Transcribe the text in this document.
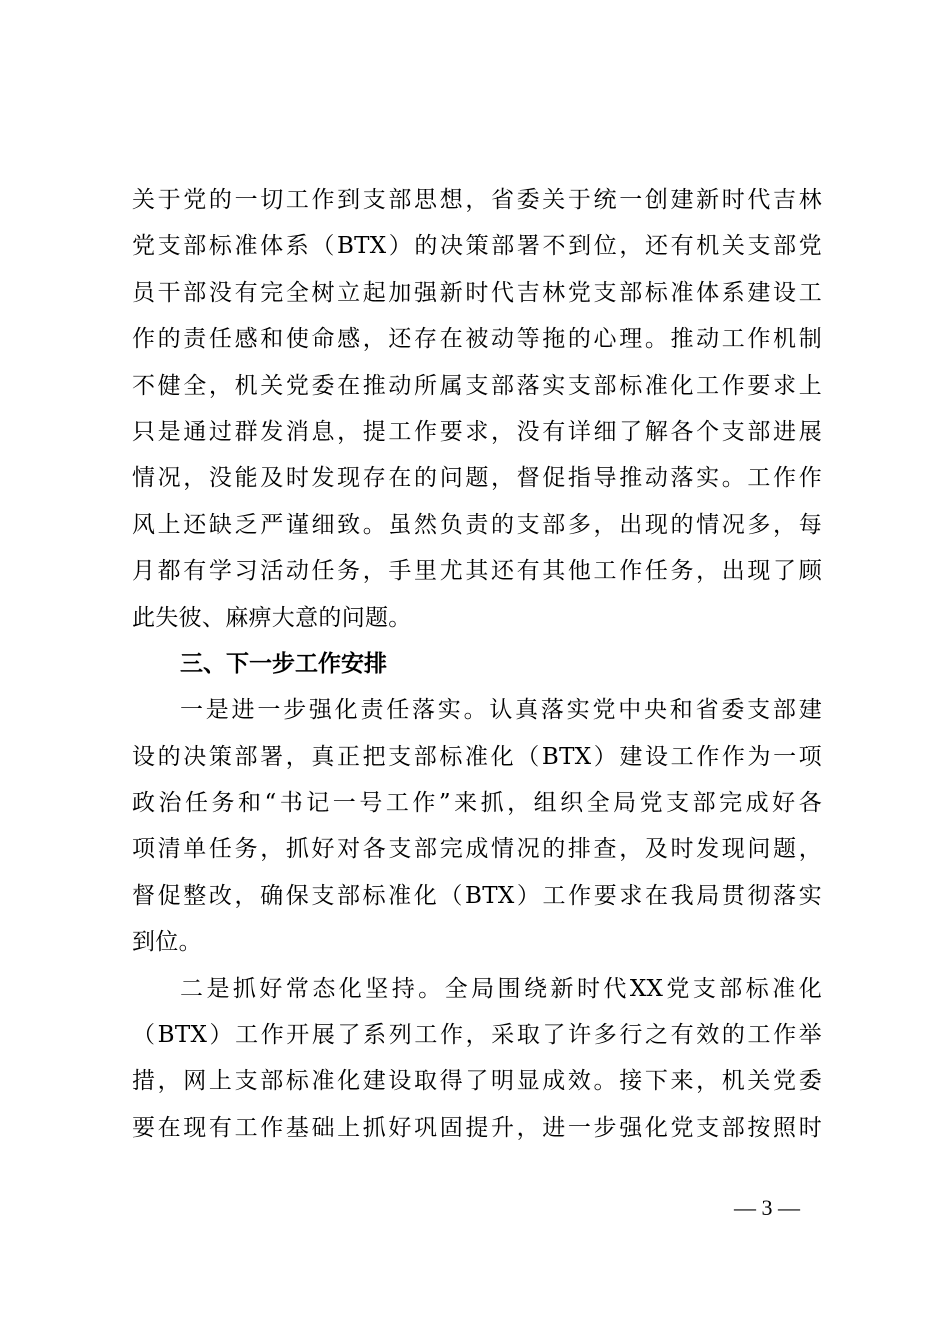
关于党的一切工作到支部思想，省委关于统一创建新时代吉林
党支部标准体系（BTX）的决策部署不到位，还有机关支部党
员干部没有完全树立起加强新时代吉林党支部标准体系建设工
作的责任感和使命感，还存在被动等拖的心理。推动工作机制
不健全，机关党委在推动所属支部落实支部标准化工作要求上
只是通过群发消息，提工作要求，没有详细了解各个支部进展
情况，没能及时发现存在的问题，督促指导推动落实。工作作
风上还缺乏严谨细致。虽然负责的支部多，出现的情况多，每
月都有学习活动任务，手里尤其还有其他工作任务，出现了顾
此失彼、麻痹大意的问题。
三、下一步工作安排
一是进一步强化责任落实。认真落实党中央和省委支部建
设的决策部署，真正把支部标准化（BTX）建设工作作为一项
政治任务和“书记一号工作”来抓，组织全局党支部完成好各
项清单任务，抓好对各支部完成情况的排查，及时发现问题，
督促整改，确保支部标准化（BTX）工作要求在我局贯彻落实
到位。
二是抓好常态化坚持。全局围绕新时代XX党支部标准化
（BTX）工作开展了系列工作，采取了许多行之有效的工作举
措，网上支部标准化建设取得了明显成效。接下来，机关党委
要在现有工作基础上抓好巩固提升，进一步强化党支部按照时
— 3 —
